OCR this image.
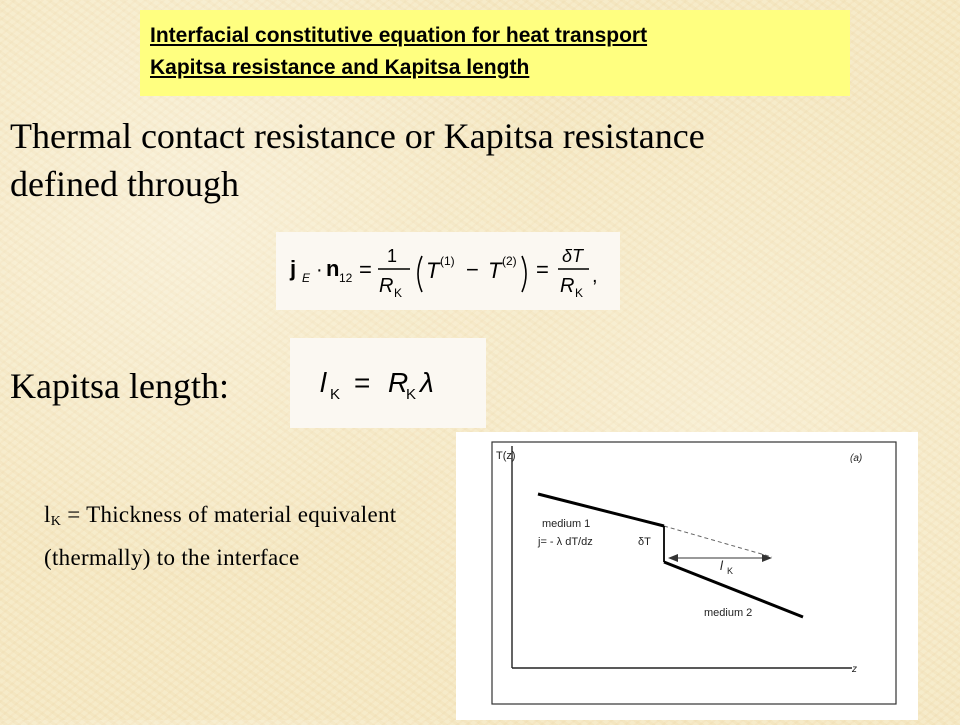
Interfacial constitutive equation for heat transport
Kapitsa resistance and Kapitsa length
Thermal contact resistance or Kapitsa resistance
defined through
j E · n 12 =
1
R K
T (1) − T (2) =
δT
R K
,
Kapitsa length:	l K = R
K λ
$l_K$ = Thickness of material equivalent (thermally) to the interface
T(z)
z
(a)
l K
medium 1
j= - λ dT/dz	δT
medium 2
